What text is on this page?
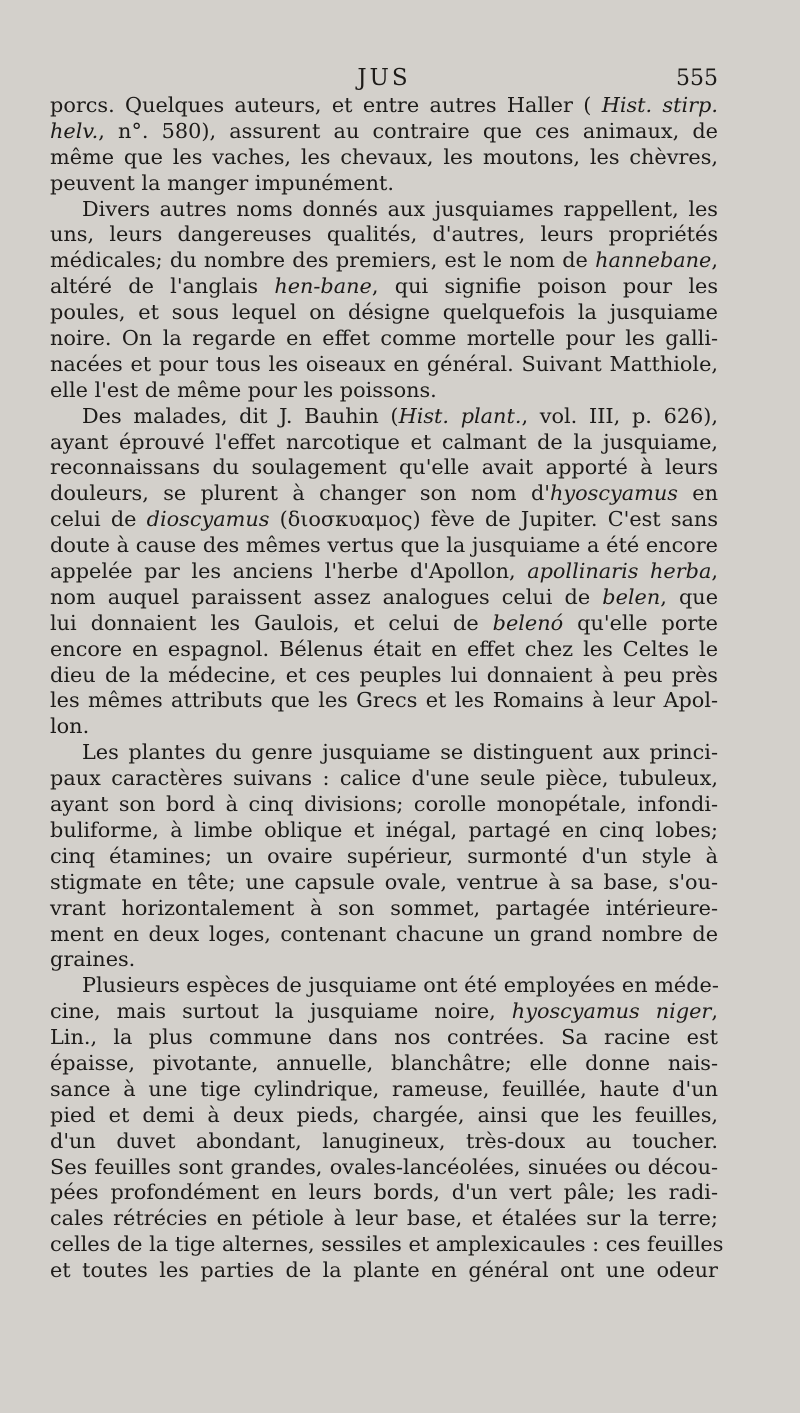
JUS	555
porcs. Quelques auteurs, et entre autres Haller ( Hist. stirp.
helv., n°. 580), assurent au contraire que ces animaux, de
même que les vaches, les chevaux, les moutons, les chèvres,
peuvent la manger impunément.
Divers autres noms donnés aux jusquiames rappellent, les
uns, leurs dangereuses qualités, d'autres, leurs propriétés
médicales; du nombre des premiers, est le nom de hannebane,
altéré de l'anglais hen-bane, qui signifie poison pour les
poules, et sous lequel on désigne quelquefois la jusquiame
noire. On la regarde en effet comme mortelle pour les galli-
nacées et pour tous les oiseaux en général. Suivant Matthiole,
elle l'est de même pour les poissons.
Des malades, dit J. Bauhin (Hist. plant., vol. III, p. 626),
ayant éprouvé l'effet narcotique et calmant de la jusquiame,
reconnaissans du soulagement qu'elle avait apporté à leurs
douleurs, se plurent à changer son nom d'hyoscyamus en
celui de dioscyamus (διοσκυαμος) fève de Jupiter. C'est sans
doute à cause des mêmes vertus que la jusquiame a été encore
appelée par les anciens l'herbe d'Apollon, apollinaris herba,
nom auquel paraissent assez analogues celui de belen, que
lui donnaient les Gaulois, et celui de belenó qu'elle porte
encore en espagnol. Bélenus était en effet chez les Celtes le
dieu de la médecine, et ces peuples lui donnaient à peu près
les mêmes attributs que les Grecs et les Romains à leur Apol-
lon.
Les plantes du genre jusquiame se distinguent aux princi-
paux caractères suivans : calice d'une seule pièce, tubuleux,
ayant son bord à cinq divisions; corolle monopétale, infondi-
buliforme, à limbe oblique et inégal, partagé en cinq lobes;
cinq étamines; un ovaire supérieur, surmonté d'un style à
stigmate en tête; une capsule ovale, ventrue à sa base, s'ou-
vrant horizontalement à son sommet, partagée intérieure-
ment en deux loges, contenant chacune un grand nombre de
graines.
Plusieurs espèces de jusquiame ont été employées en méde-
cine, mais surtout la jusquiame noire, hyoscyamus niger,
Lin., la plus commune dans nos contrées. Sa racine est
épaisse, pivotante, annuelle, blanchâtre; elle donne nais-
sance à une tige cylindrique, rameuse, feuillée, haute d'un
pied et demi à deux pieds, chargée, ainsi que les feuilles,
d'un duvet abondant, lanugineux, très-doux au toucher.
Ses feuilles sont grandes, ovales-lancéolées, sinuées ou décou-
pées profondément en leurs bords, d'un vert pâle; les radi-
cales rétrécies en pétiole à leur base, et étalées sur la terre;
celles de la tige alternes, sessiles et amplexicaules : ces feuilles
et toutes les parties de la plante en général ont une odeur
